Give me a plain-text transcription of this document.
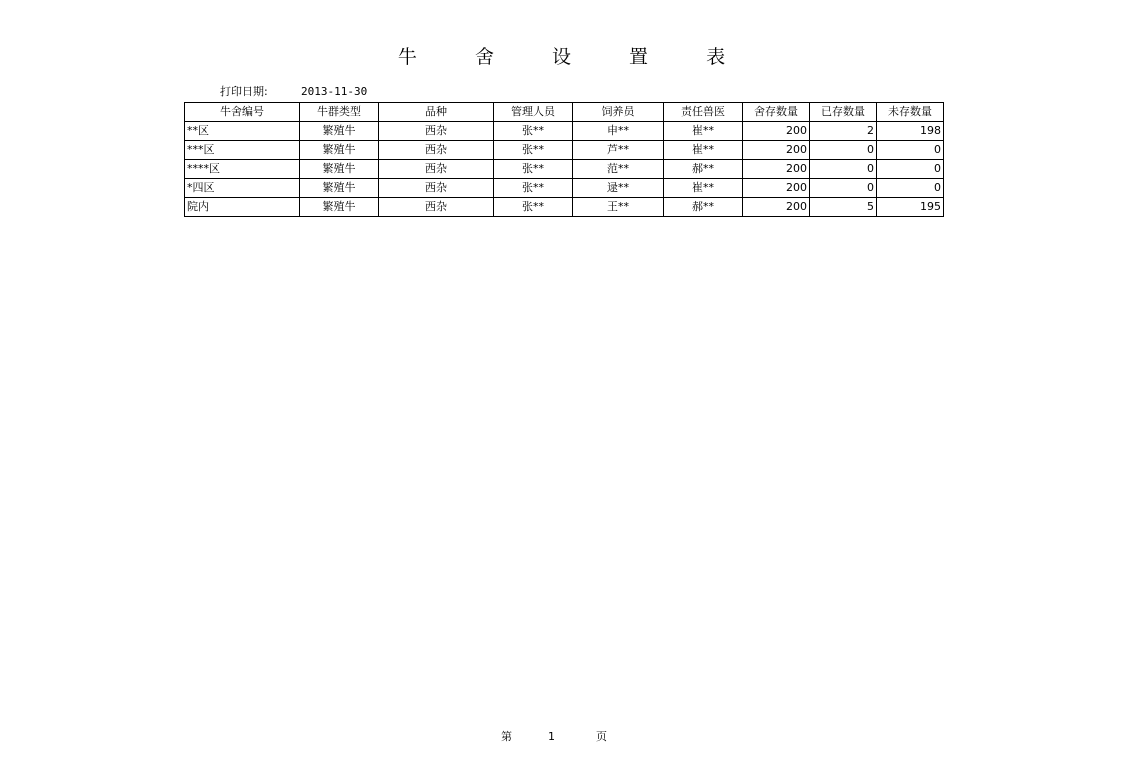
牛 舍 设 置 表
打印日期:	2013-11-30
牛舍编号	牛群类型	品种	管理人员	饲养员	责任兽医	舍存数量	已存数量	未存数量
**区	繁殖牛	西杂	张**	申**	崔**	200	2	198
***区	繁殖牛	西杂	张**	芦**	崔**	200	0	0
****区	繁殖牛	西杂	张**	范**	郝**	200	0	0
*四区	繁殖牛	西杂	张**	逯**	崔**	200	0	0
院内	繁殖牛	西杂	张**	王**	郝**	200	5	195
第	1	页
